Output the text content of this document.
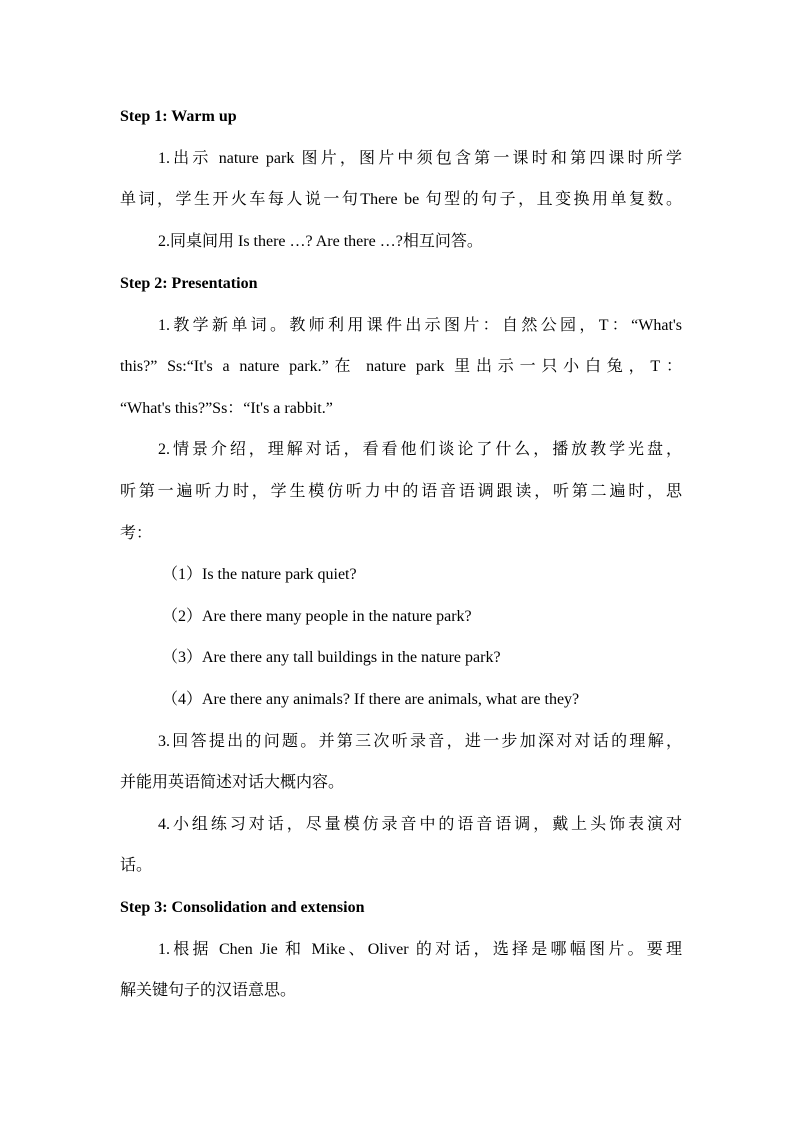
Step 1: Warm up
1.出示 nature park 图片，图片中须包含第一课时和第四课时所学
单词，学生开火车每人说一句There be 句型的句子，且变换用单复数。
2.同桌间用 Is there …? Are there …?相互问答。
Step 2: Presentation
1.教学新单词。教师利用课件出示图片：自然公园，T：“What's
this?” Ss:“It's a nature park.”在 nature park 里出示一只小白兔，T：
“What's this?”Ss：“It's a rabbit.”
2.情景介绍，理解对话，看看他们谈论了什么，播放教学光盘，
听第一遍听力时，学生模仿听力中的语音语调跟读，听第二遍时，思
考：
（1）Is the nature park quiet?
（2）Are there many people in the nature park?
（3）Are there any tall buildings in the nature park?
（4）Are there any animals? If there are animals, what are they?
3.回答提出的问题。并第三次听录音，进一步加深对对话的理解，
并能用英语简述对话大概内容。
4.小组练习对话，尽量模仿录音中的语音语调，戴上头饰表演对
话。
Step 3: Consolidation and extension
1.根据 Chen Jie 和 Mike、Oliver 的对话，选择是哪幅图片。要理
解关键句子的汉语意思。
